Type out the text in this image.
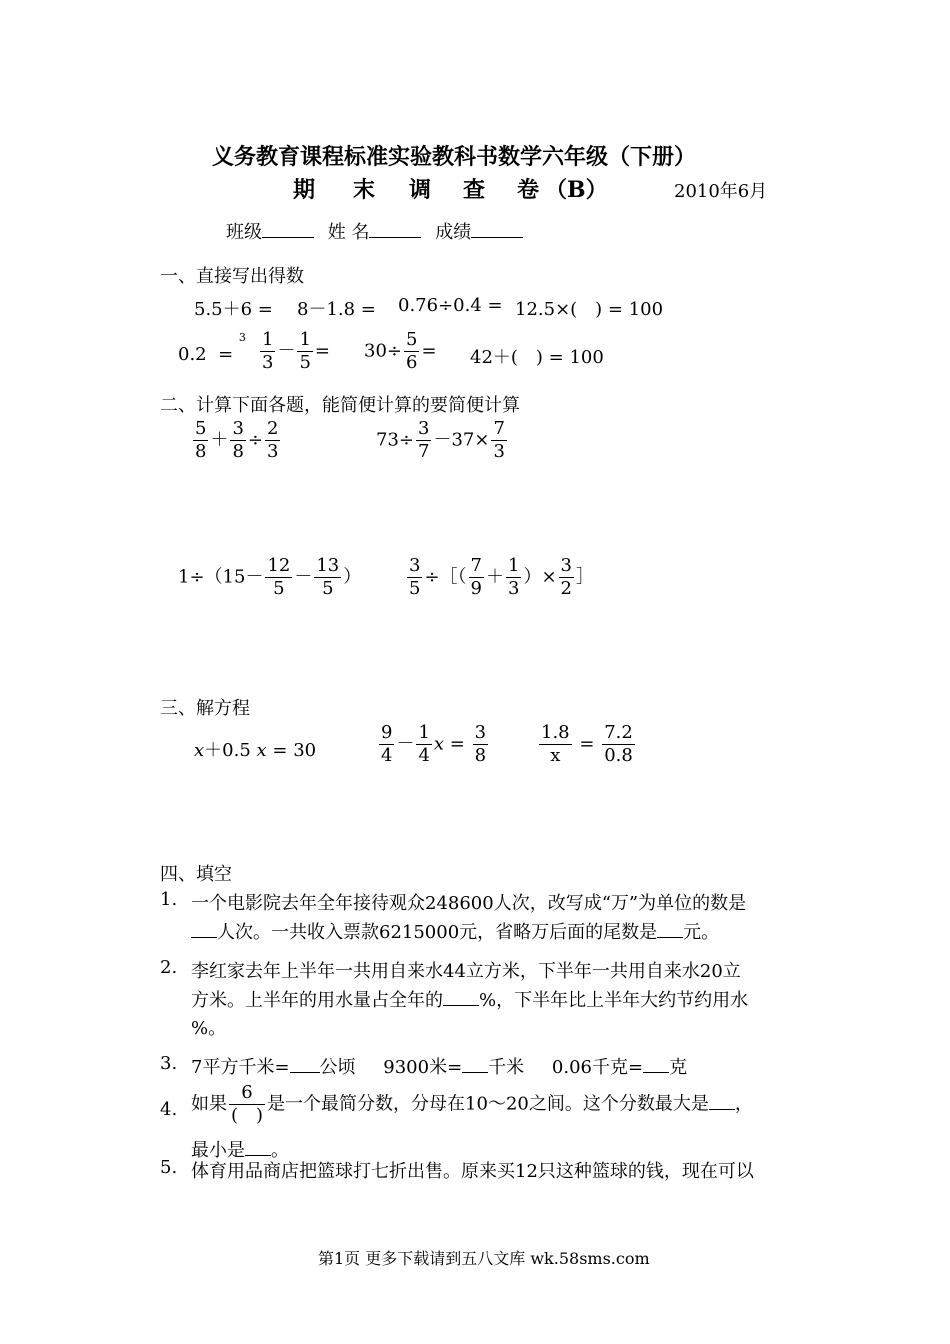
义务教育课程标准实验教科书数学六年级（下册）
期 末 调 查 卷 （B）	2010年6月
班级	姓 名	成绩
一、直接写出得数
5.5＋6 = 8－1.8 = 0.76÷0.4 = 12.5×(　) = 100
$0.2 = ^3 \frac{1}{3} - \frac{1}{5} = 30\div \frac{5}{6} = 42+$(　) = 100
二、计算下面各题，能简便计算的要简便计算
$\frac{5}{8} + \frac{3}{8} \div \frac{2}{3}$	$73\div \frac{3}{7} -37\times \frac{7}{3}$
$1\div(15- \frac{12}{5} - \frac{13}{5}$ ）	$\frac{3}{5}$ ÷［（ $\frac{7}{9} + \frac{1}{3}$ ）× $\frac{3}{2}$ ］
三、解方程
x＋0.5 x = 30	$\frac{9}{4} - \frac{1}{4}$ $x = \frac{3}{8}$	$\frac{1.8}{x} = \frac{7.2}{0.8}$
四、填空
1. 一个电影院去年全年接待观众248600人次，改写成“万”为单位的数是
人次。一共收入票款6215000元，省略万后面的尾数是 元。
2. 李红家去年上半年一共用自来水44立方米，下半年一共用自来水20立
方米。上半年的用水量占全年的 %，下半年比上半年大约节约用水
%。
3. 7平方千米= 公顷 9300米= 千米 0.06千克= 克
4. 如果 $\frac{6}{( )}$ 是一个最简分数，分母在10～20之间。这个分数最大是 ，
最小是 。
5. 体育用品商店把篮球打七折出售。原来买12只这种篮球的钱，现在可以
第1页 更多下载请到五八文库 wk.58sms.com
